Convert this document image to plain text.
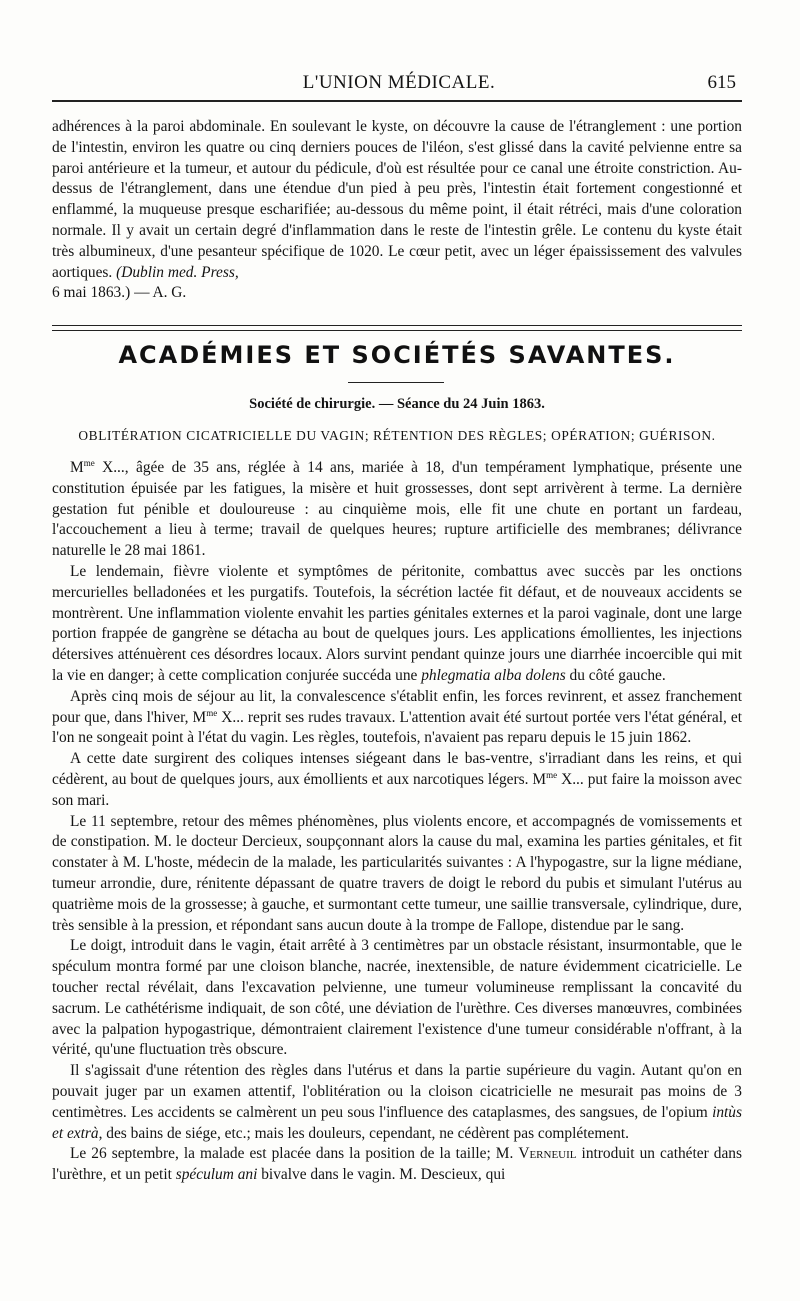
L'UNION MÉDICALE.	615

adhérences à la paroi abdominale. En soulevant le kyste, on découvre la cause de l'étranglement : une portion de l'intestin, environ les quatre ou cinq derniers pouces de l'iléon, s'est glissé dans la cavité pelvienne entre sa paroi antérieure et la tumeur, et autour du pédicule, d'où est résultée pour ce canal une étroite constriction. Au-dessus de l'étranglement, dans une étendue d'un pied à peu près, l'intestin était fortement congestionné et enflammé, la muqueuse presque escharifiée; au-dessous du même point, il était rétréci, mais d'une coloration normale. Il y avait un certain degré d'inflammation dans le reste de l'intestin grêle. Le contenu du kyste était très albumineux, d'une pesanteur spécifique de 1020. Le cœur petit, avec un léger épaississement des valvules aortiques. (Dublin med. Press,
6 mai 1863.) — A. G.

ACADÉMIES ET SOCIÉTÉS SAVANTES.
Société de chirurgie. — Séance du 24 Juin 1863.
OBLITÉRATION CICATRICIELLE DU VAGIN; RÉTENTION DES RÈGLES; OPÉRATION; GUÉRISON.

$M^{me}$ X..., âgée de 35 ans, réglée à 14 ans, mariée à 18, d'un tempérament lymphatique, présente une constitution épuisée par les fatigues, la misère et huit grossesses, dont sept arrivèrent à terme. La dernière gestation fut pénible et douloureuse : au cinquième mois, elle fit une chute en portant un fardeau, l'accouchement a lieu à terme; travail de quelques heures; rupture artificielle des membranes; délivrance naturelle le 28 mai 1861.

Le lendemain, fièvre violente et symptômes de péritonite, combattus avec succès par les onctions mercurielles belladonées et les purgatifs. Toutefois, la sécrétion lactée fit défaut, et de nouveaux accidents se montrèrent. Une inflammation violente envahit les parties génitales externes et la paroi vaginale, dont une large portion frappée de gangrène se détacha au bout de quelques jours. Les applications émollientes, les injections détersives atténuèrent ces désordres locaux. Alors survint pendant quinze jours une diarrhée incoercible qui mit la vie en danger; à cette complication conjurée succéda une phlegmatia alba dolens du côté gauche.

Après cinq mois de séjour au lit, la convalescence s'établit enfin, les forces revinrent, et assez franchement pour que, dans l'hiver, $M^{me}$ X... reprit ses rudes travaux. L'attention avait été surtout portée vers l'état général, et l'on ne songeait point à l'état du vagin. Les règles, toutefois, n'avaient pas reparu depuis le 15 juin 1862.

A cette date surgirent des coliques intenses siégeant dans le bas-ventre, s'irradiant dans les reins, et qui cédèrent, au bout de quelques jours, aux émollients et aux narcotiques légers. $M^{me}$ X... put faire la moisson avec son mari.

Le 11 septembre, retour des mêmes phénomènes, plus violents encore, et accompagnés de vomissements et de constipation. M. le docteur Dercieux, soupçonnant alors la cause du mal, examina les parties génitales, et fit constater à M. L'hoste, médecin de la malade, les particularités suivantes : A l'hypogastre, sur la ligne médiane, tumeur arrondie, dure, rénitente dépassant de quatre travers de doigt le rebord du pubis et simulant l'utérus au quatrième mois de la grossesse; à gauche, et surmontant cette tumeur, une saillie transversale, cylindrique, dure, très sensible à la pression, et répondant sans aucun doute à la trompe de Fallope, distendue par le sang.

Le doigt, introduit dans le vagin, était arrêté à 3 centimètres par un obstacle résistant, insurmontable, que le spéculum montra formé par une cloison blanche, nacrée, inextensible, de nature évidemment cicatricielle. Le toucher rectal révélait, dans l'excavation pelvienne, une tumeur volumineuse remplissant la concavité du sacrum. Le cathétérisme indiquait, de son côté, une déviation de l'urèthre. Ces diverses manœuvres, combinées avec la palpation hypogastrique, démontraient clairement l'existence d'une tumeur considérable n'offrant, à la vérité, qu'une fluctuation très obscure.

Il s'agissait d'une rétention des règles dans l'utérus et dans la partie supérieure du vagin. Autant qu'on en pouvait juger par un examen attentif, l'oblitération ou la cloison cicatricielle ne mesurait pas moins de 3 centimètres. Les accidents se calmèrent un peu sous l'influence des cataplasmes, des sangsues, de l'opium intùs et extrà, des bains de siége, etc.; mais les douleurs, cependant, ne cédèrent pas complétement.

Le 26 septembre, la malade est placée dans la position de la taille; M. Verneuil introduit un cathéter dans l'urèthre, et un petit spéculum ani bivalve dans le vagin. M. Descieux, qui
